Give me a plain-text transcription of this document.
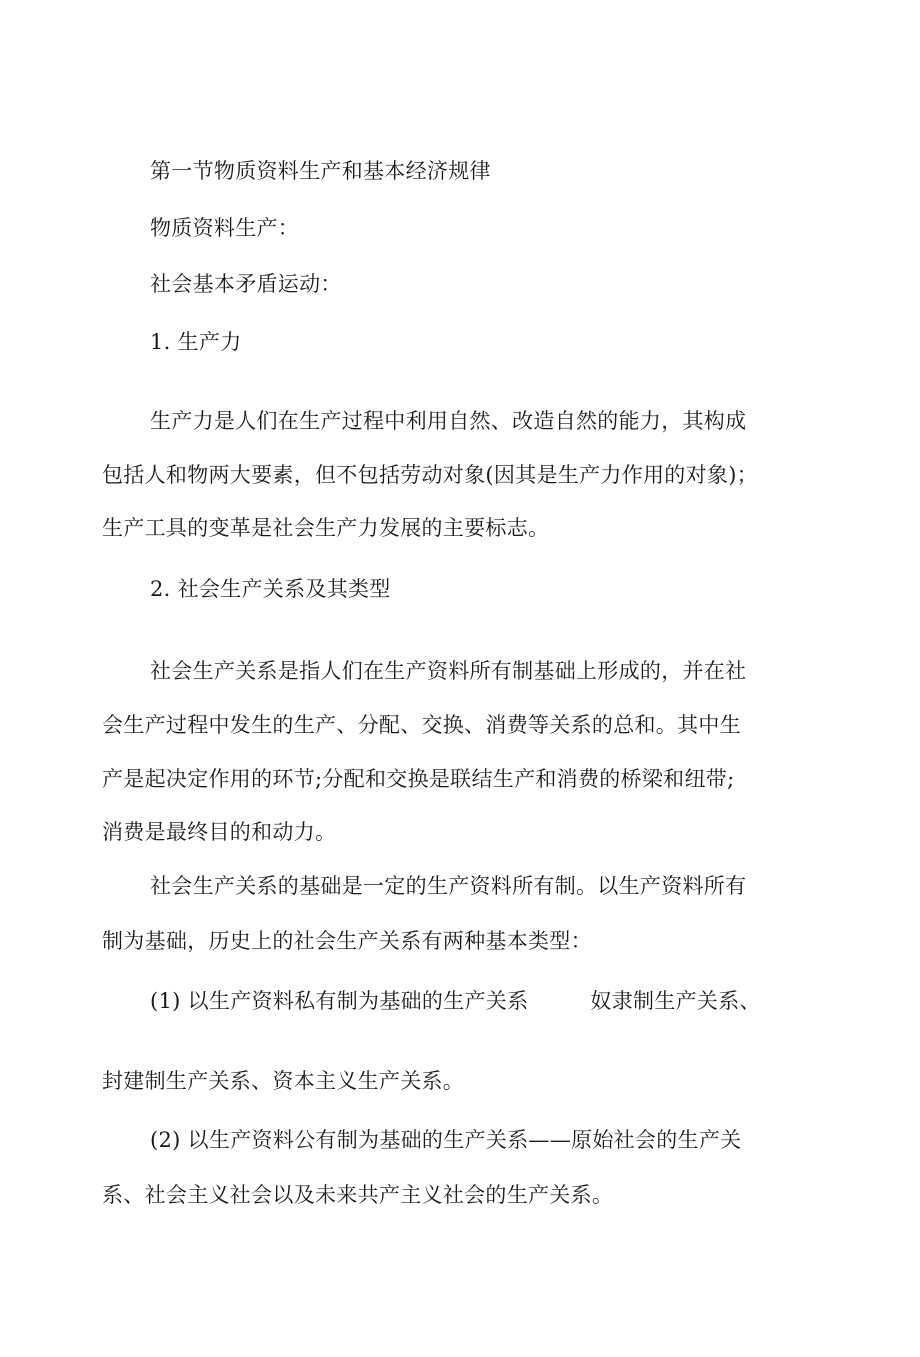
第一节物质资料生产和基本经济规律
物质资料生产：
社会基本矛盾运动：
1. 生产力
生产力是人们在生产过程中利用自然、改造自然的能力，其构成
包括人和物两大要素，但不包括劳动对象(因其是生产力作用的对象)；
生产工具的变革是社会生产力发展的主要标志。
2. 社会生产关系及其类型
社会生产关系是指人们在生产资料所有制基础上形成的，并在社
会生产过程中发生的生产、分配、交换、消费等关系的总和。其中生
产是起决定作用的环节;分配和交换是联结生产和消费的桥梁和纽带;
消费是最终目的和动力。
社会生产关系的基础是一定的生产资料所有制。以生产资料所有
制为基础，历史上的社会生产关系有两种基本类型：
(1) 以生产资料私有制为基础的生产关系	奴隶制生产关系、
封建制生产关系、资本主义生产关系。
(2) 以生产资料公有制为基础的生产关系——原始社会的生产关
系、社会主义社会以及未来共产主义社会的生产关系。
